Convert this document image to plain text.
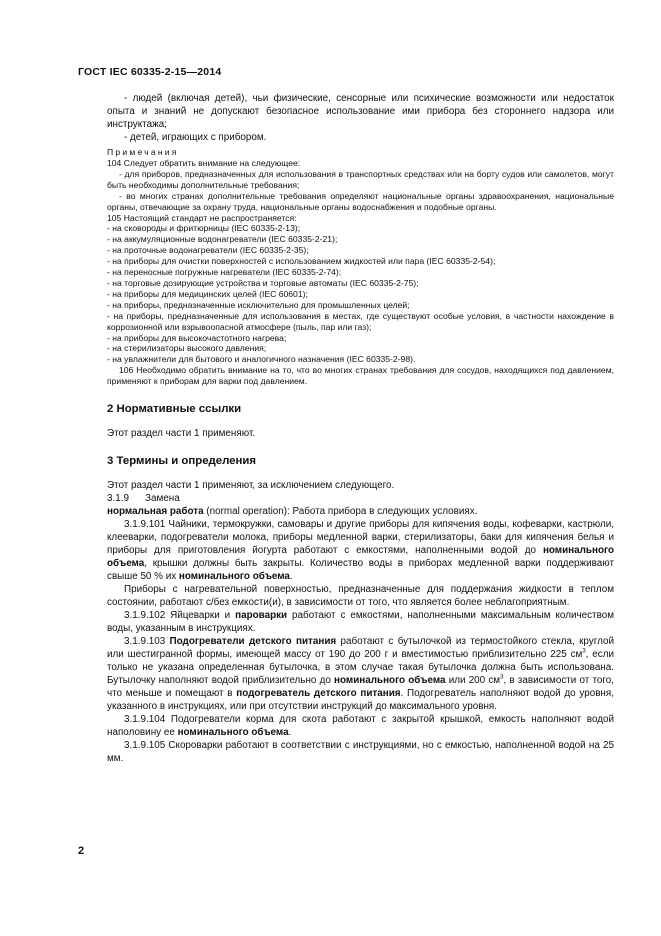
ГОСТ IEC 60335-2-15—2014

- людей (включая детей), чьи физические, сенсорные или психические возможности или недостаток опыта и знаний не допускают безопасное использование ими прибора без стороннего надзора или инструктажа;

- детей, играющих с прибором.

Примечания

104 Следует обратить внимание на следующее:

- для приборов, предназначенных для использования в транспортных средствах или на борту судов или самолетов, могут быть необходимы дополнительные требования;

- во многих странах дополнительные требования определяют национальные органы здравоохранения, национальные органы, отвечающие за охрану труда, национальные органы водоснабжения и подобные органы.

105 Настоящий стандарт не распространяется:

- на сковороды и фритюрницы (IEC 60335-2-13);

- на аккумуляционные водонагреватели (IEC 60335-2-21);

- на проточные водонагреватели (IEC 60335-2-35);

- на приборы для очистки поверхностей с использованием жидкостей или пара (IEC 60335-2-54);

- на переносные погружные нагреватели (IEC 60335-2-74);

- на торговые дозирующие устройства и торговые автоматы (IEC 60335-2-75);

- на приборы для медицинских целей (IEC 60601);

- на приборы, предназначенные исключительно для промышленных целей;

- на приборы, предназначенные для использования в местах, где существуют особые условия, в частности нахождение в коррозионной или взрывоопасной атмосфере (пыль, пар или газ);

- на приборы для высокочастотного нагрева;

- на стерилизаторы высокого давления;

- на увлажнители для бытового и аналогичного назначения (IEC 60335-2-98).

106 Необходимо обратить внимание на то, что во многих странах требования для сосудов, находящихся под давлением, применяют к приборам для варки под давлением.

2 Нормативные ссылки

Этот раздел части 1 применяют.

3 Термины и определения

Этот раздел части 1 применяют, за исключением следующего.

3.1.9 Замена

нормальная работа (normal operation): Работа прибора в следующих условиях.

3.1.9.101 Чайники, термокружки, самовары и другие приборы для кипячения воды, кофеварки, кастрюли, клееварки, подогреватели молока, приборы медленной варки, стерилизаторы, баки для кипячения белья и приборы для приготовления йогурта работают с емкостями, наполненными водой до номинального объема, крышки должны быть закрыты. Количество воды в приборах медленной варки поддерживают свыше 50 % их номинального объема.

Приборы с нагревательной поверхностью, предназначенные для поддержания жидкости в теплом состоянии, работают с/без емкости(и), в зависимости от того, что является более неблагоприятным.

3.1.9.102 Яйцеварки и пароварки работают с емкостями, наполненными максимальным количеством воды, указанным в инструкциях.

3.1.9.103 Подогреватели детского питания работают с бутылочкой из термостойкого стекла, круглой или шестигранной формы, имеющей массу от 190 до 200 г и вместимостью приблизительно 225 $см^3$, если только не указана определенная бутылочка, в этом случае такая бутылочка должна быть использована. Бутылочку наполняют водой приблизительно до номинального объема или 200 $см^3$, в зависимости от того, что меньше и помещают в подогреватель детского питания. Подогреватель наполняют водой до уровня, указанного в инструкциях, или при отсутствии инструкций до максимального уровня.

3.1.9.104 Подогреватели корма для скота работают с закрытой крышкой, емкость наполняют водой наполовину ее номинального объема.

3.1.9.105 Скороварки работают в соответствии с инструкциями, но с емкостью, наполненной водой на 25 мм.

2
